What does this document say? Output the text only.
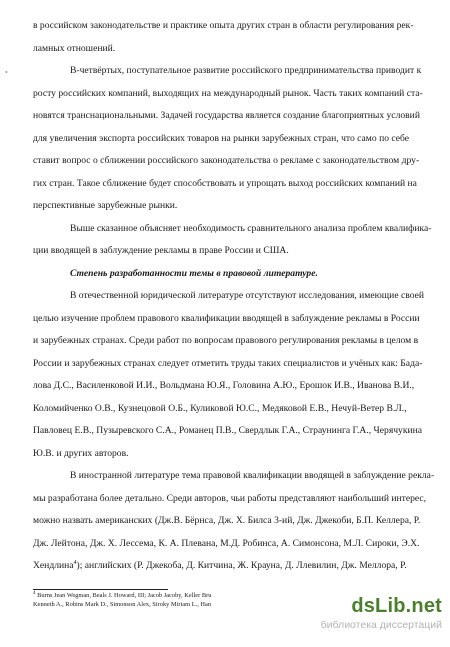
•
в российском законодательстве и практике опыта других стран в области регулирования рек-
ламных отношений.
В-четвёртых, поступательное развитие российского предпринимательства приводит к
росту российских компаний, выходящих на международный рынок. Часть таких компаний ста-
новятся транснациональными. Задачей государства является создание благоприятных условий
для увеличения экспорта российских товаров на рынки зарубежных стран, что само по себе
ставит вопрос о сближении российского законодательства о рекламе с законодательством дру-
гих стран. Такое сближение будет способствовать и упрощать выход российских компаний на
перспективные зарубежные рынки.
Выше сказанное объясняет необходимость сравнительного анализа проблем квалифика-
ции вводящей в заблуждение рекламы в праве России и США.
Степень разработанности темы в правовой литературе.
В отечественной юридической литературе отсутствуют исследования, имеющие своей
целью изучение проблем правового квалификации вводящей в заблуждение рекламы в России
и зарубежных странах. Среди работ по вопросам правового регулирования рекламы в целом в
России и зарубежных странах следует отметить труды таких специалистов и учёных как: Бада-
лова Д.С., Василенковой И.И., Вольдмана Ю.Я., Головина А.Ю., Ерошок И.В., Иванова В.И.,
Коломийченко О.В., Кузнецовой О.Б., Куликовой Ю.С., Медяковой Е.В., Нечуй-Ветер В.Л.,
Павловец Е.В., Пузыревского С.А., Романец П.В., Свердлык Г.А., Страунинга Г.А., Черячукина
Ю.В. и других авторов.
В иностранной литературе тема правовой квалификации вводящей в заблуждение рекла-
мы разработана более детально. Среди авторов, чьи работы представляют наибольший интерес,
можно назвать американских (Дж.В. Бёрнса, Дж. Х. Билса 3-ий, Дж. Джекоби, Б.П. Келлера, Р.
Дж. Лейтона, Дж. Х. Лессема, К. А. Плевана, М.Д. Робинса, А. Симонсона, М.Л. Сироки, Э.Х.
Хендлина$^4$); английских (Р. Джекоба, Д. Китчина, Ж. Крауна, Д. Ллевилин, Дж. Меллора, Р.
$^4$ Burns Jean Wegman, Beals J. Howard, III; Jacob Jacoby, Keller Bru
Kenneth A., Robins Mark D., Simonson Alex, Siroky Miriam L., Han	dsLib.net
библиотека диссертаций
